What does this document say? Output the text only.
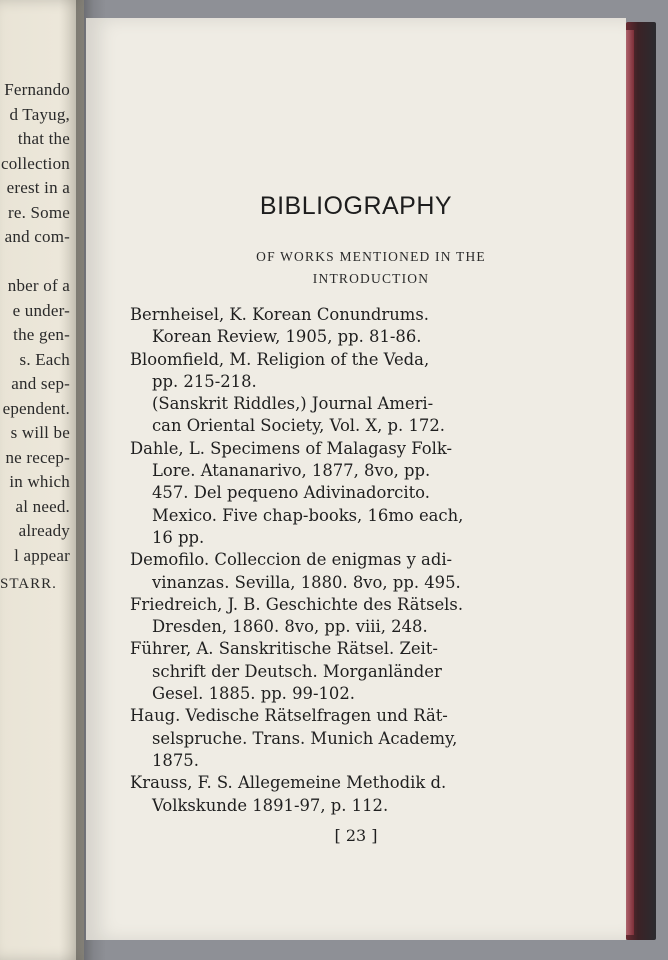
Fernando
d Tayug,
that the
collection
erest in a
re. Some
and com-
nber of a
e under-
the gen-
s. Each
and sep-
ependent.
s will be
ne recep-
in which
al need.
already
l appear
STARR.
BIBLIOGRAPHY
OF WORKS MENTIONED IN THE
INTRODUCTION
Bernheisel, K. Korean Conundrums.
Korean Review, 1905, pp. 81-86.
Bloomfield, M. Religion of the Veda,
pp. 215-218.
(Sanskrit Riddles,) Journal Ameri-
can Oriental Society, Vol. X, p. 172.
Dahle, L. Specimens of Malagasy Folk-
Lore. Atananarivo, 1877, 8vo, pp.
457. Del pequeno Adivinadorcito.
Mexico. Five chap-books, 16mo each,
16 pp.
Demofilo. Colleccion de enigmas y adi-
vinanzas. Sevilla, 1880. 8vo, pp. 495.
Friedreich, J. B. Geschichte des Rätsels.
Dresden, 1860. 8vo, pp. viii, 248.
Führer, A. Sanskritische Rätsel. Zeit-
schrift der Deutsch. Morganländer
Gesel. 1885. pp. 99-102.
Haug. Vedische Rätselfragen und Rät-
selspruche. Trans. Munich Academy,
1875.
Krauss, F. S. Allegemeine Methodik d.
Volkskunde 1891-97, p. 112.
[ 23 ]
